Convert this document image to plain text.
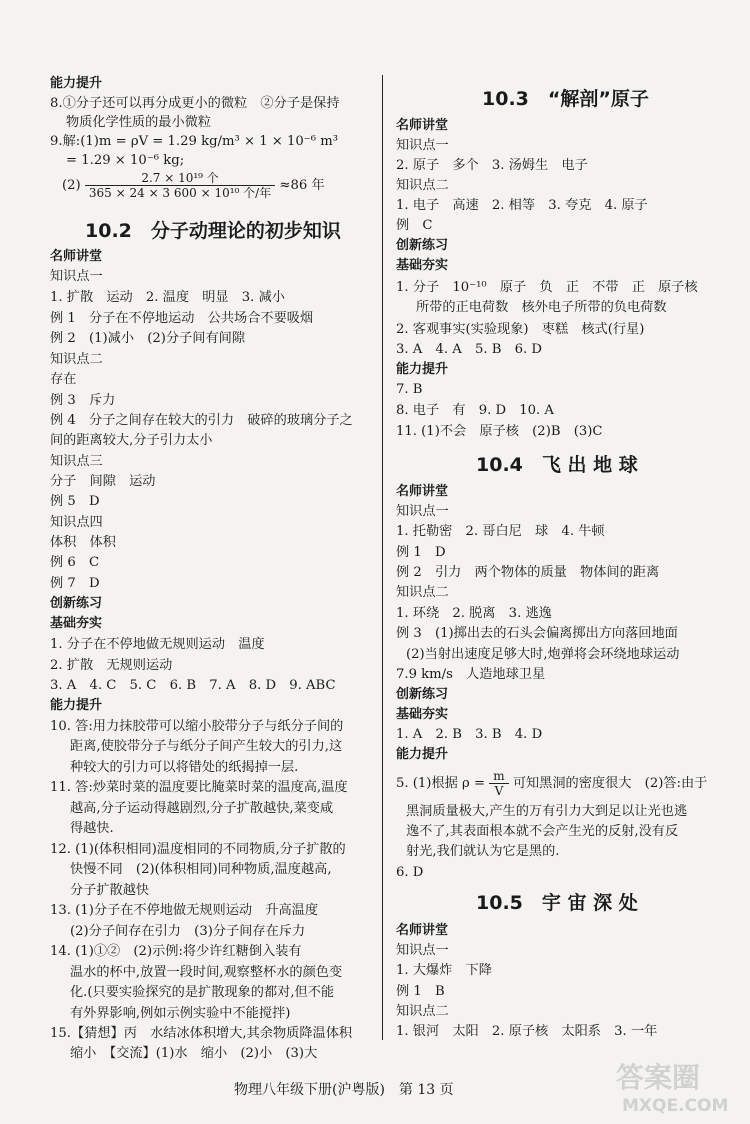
能力提升
8.①分子还可以再分成更小的微粒　②分子是保持
物质化学性质的最小微粒
9.解:(1)m = ρV = 1.29 kg/m³ × 1 × 10⁻⁶ m³
= 1.29 × 10⁻⁶ kg;
$(2) \frac{\text{2.7 × 10¹⁹ 个}}{\text{365 × 24 × 3 600 × 10¹⁰ 个/年}} \approx 86$ 年
10.2　 分子动理论的初步知识
名师讲堂
知识点一
1. 扩散　运动　2. 温度　明显　3. 减小
例 1　分子在不停地运动　公共场合不要吸烟
例 2　(1)减小　(2)分子间有间隙
知识点二
存在
例 3　斥力
例 4　分子之间存在较大的引力　破碎的玻璃分子之
间的距离较大,分子引力太小
知识点三
分子　间隙　运动
例 5　D
知识点四
体积　体积
例 6　C
例 7　D
创新练习
基础夯实
1. 分子在不停地做无规则运动　温度
2. 扩散　无规则运动
3. A　4. C　5. C　6. B　7. A　8. D　9. ABC
能力提升
10. 答:用力抹胶带可以缩小胶带分子与纸分子间的
距离,使胶带分子与纸分子间产生较大的引力,这
种较大的引力可以将错处的纸揭掉一层.
11. 答:炒菜时菜的温度要比腌菜时菜的温度高,温度
越高,分子运动得越剧烈,分子扩散越快,菜变咸
得越快.
12. (1)(体积相同)温度相同的不同物质,分子扩散的
快慢不同　(2)(体积相同)同种物质,温度越高,
分子扩散越快
13. (1)分子在不停地做无规则运动　升高温度
(2)分子间存在引力　(3)分子间存在斥力
14. (1)①②　(2)示例:将少许红糖倒入装有
温水的杯中,放置一段时间,观察整杯水的颜色变
化.(只要实验探究的是扩散现象的都对,但不能
有外界影响,例如示例实验中不能搅拌)
15.【猜想】丙　水结冰体积增大,其余物质降温体积
缩小　【交流】(1)水　缩小　(2)小　(3)大
10.3　 “解剖”原子
名师讲堂
知识点一
2. 原子　多个　3. 汤姆生　电子
知识点二
1. 电子　高速　2. 相等　3. 夸克　4. 原子
例　C
创新练习
基础夯实
1. 分子　10⁻¹⁰　原子　负　正　不带　正　原子核
所带的正电荷数　核外电子所带的负电荷数
2. 客观事实(实验现象)　枣糕　核式(行星)
3. A　4. A　5. B　6. D
能力提升
7. B
8. 电子　有　9. D　10. A
11. (1)不会　原子核　(2)B　(3)C
10.4　 飞 出 地 球
名师讲堂
知识点一
1. 托勒密　2. 哥白尼　球　4. 牛顿
例 1　D
例 2　引力　两个物体的质量　物体间的距离
知识点二
1. 环绕　2. 脱离　3. 逃逸
例 3　(1)掷出去的石头会偏离掷出方向落回地面
(2)当射出速度足够大时,炮弹将会环绕地球运动
7.9 km/s　人造地球卫星
创新练习
基础夯实
1. A　2. B　3. B　4. D
能力提升
5. (1)根据 $\rho = \frac{m}{V}$ 可知黑洞的密度很大　(2)答:由于
黑洞质量极大,产生的万有引力大到足以让光也逃
逸不了,其表面根本就不会产生光的反射,没有反
射光,我们就认为它是黑的.
6. D
10.5　 宇 宙 深 处
名师讲堂
知识点一
1. 大爆炸　下降
例 1　B
知识点二
1. 银河　太阳　2. 原子核　太阳系　3. 一年
物理八年级下册(沪粤版)　第 13 页	答案圈
MXQE.COM
